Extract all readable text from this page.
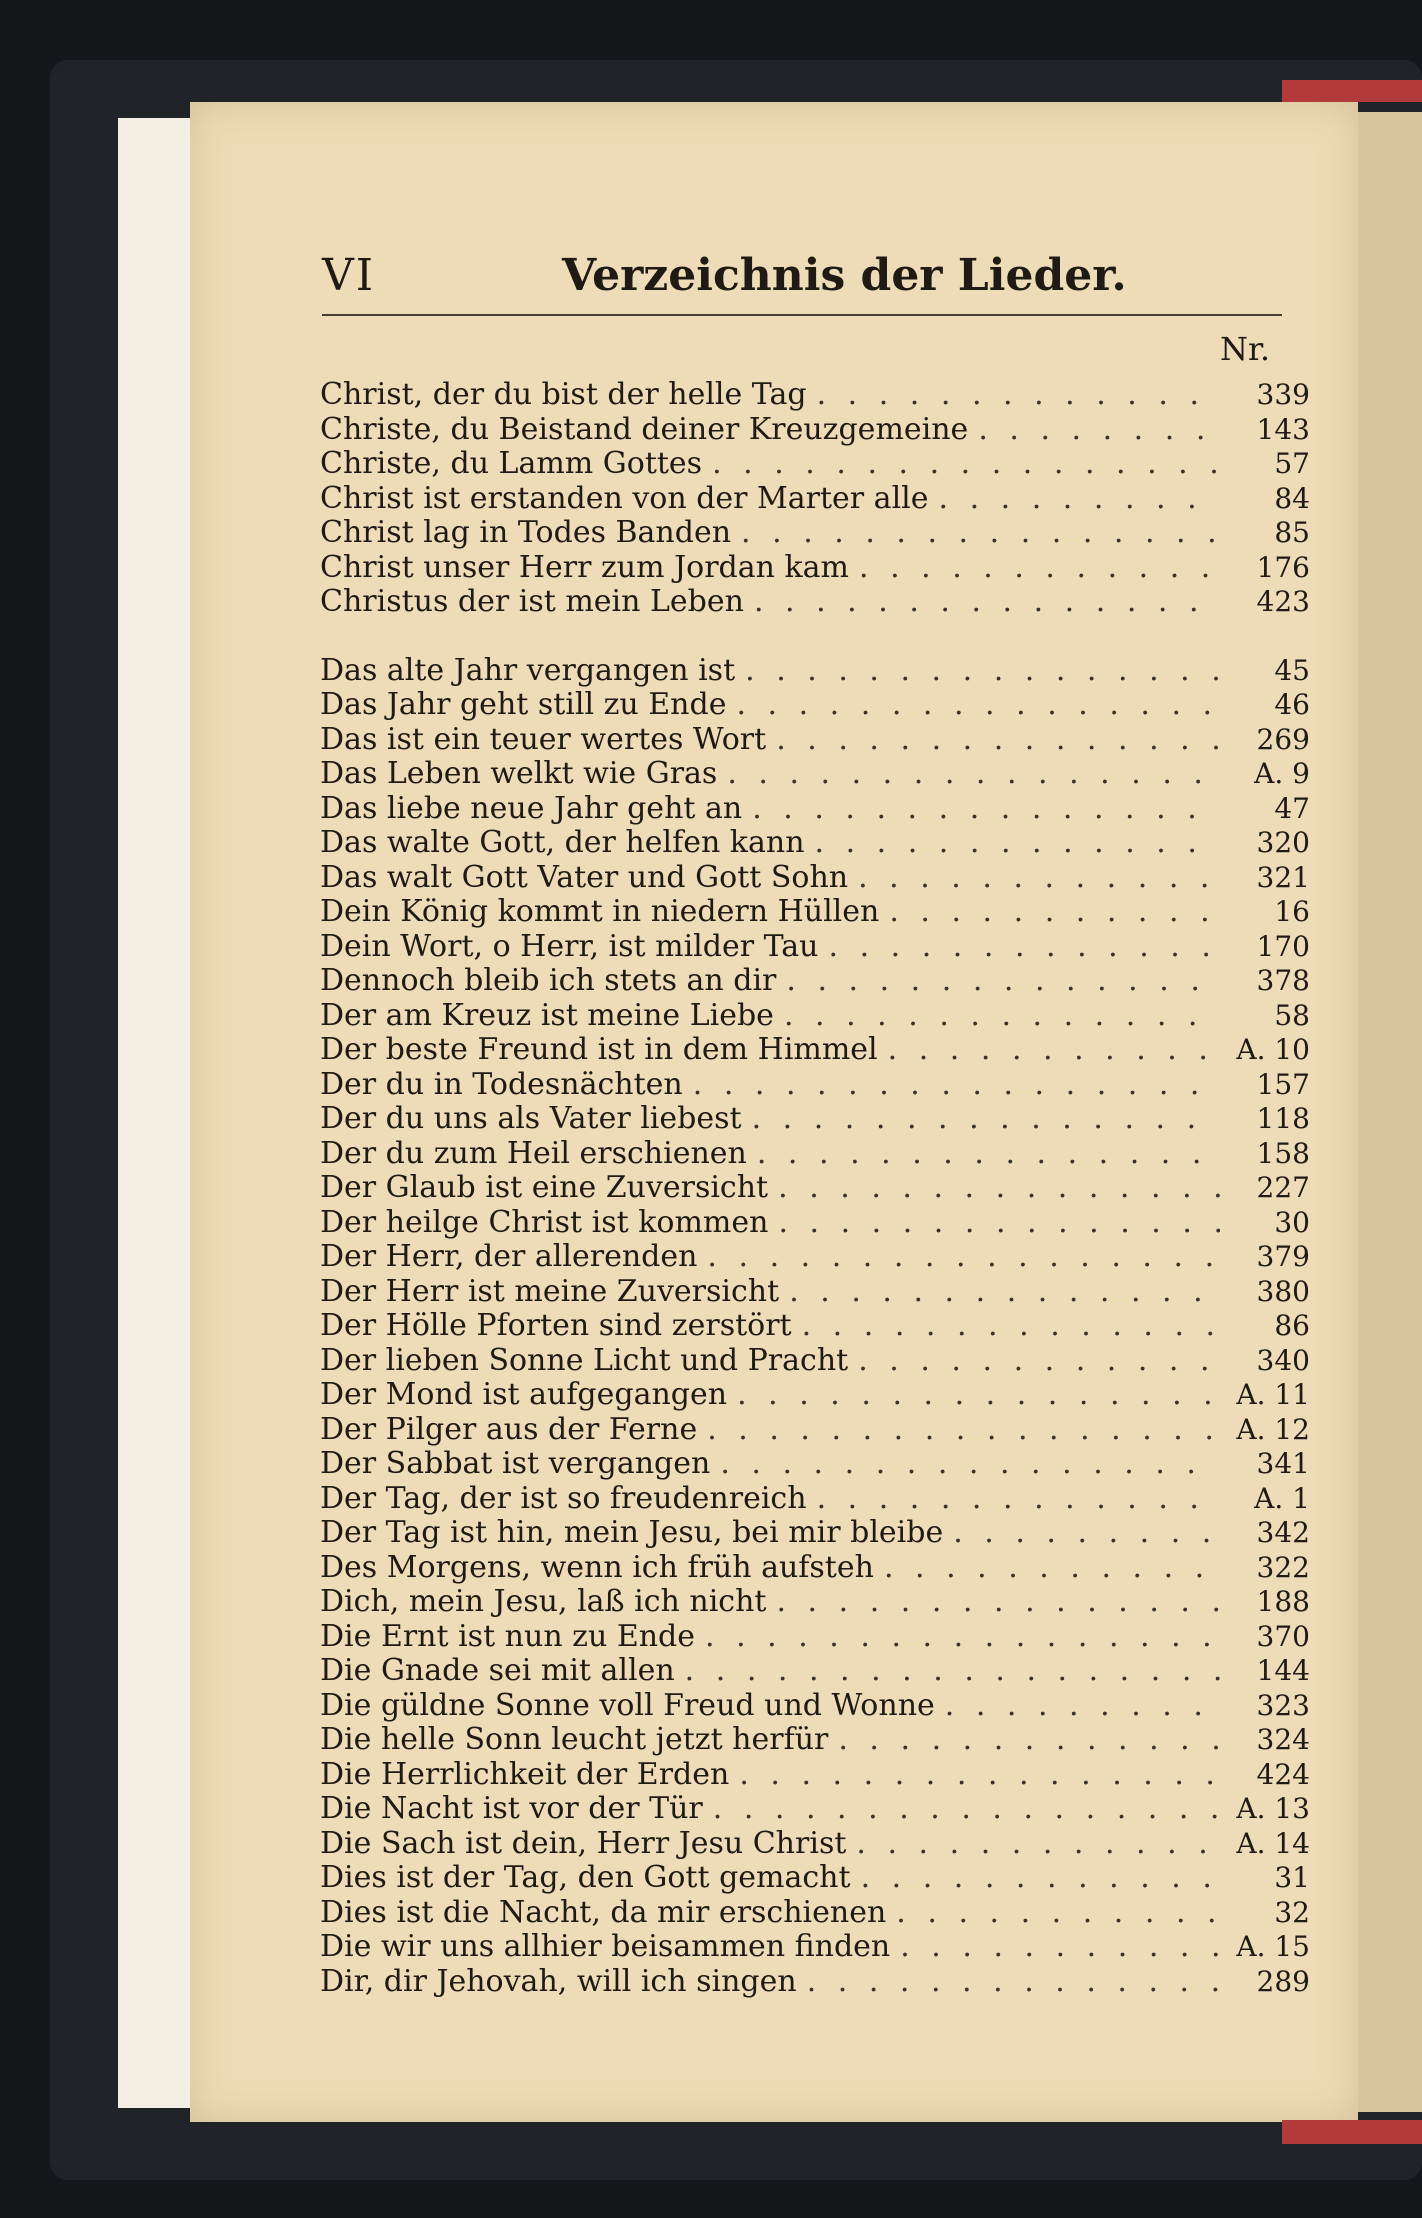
VI	Verzeichnis der Lieder.
Nr.
Christ, der du bist der helle Tag . . .	339
Christe, du Beistand deiner Kreuzgemeine . . .	143
Christe, du Lamm Gottes . . .	57
Christ ist erstanden von der Marter alle . . .	84
Christ lag in Todes Banden . . .	85
Christ unser Herr zum Jordan kam . . .	176
Christus der ist mein Leben . . .	423
Das alte Jahr vergangen ist . . .	45
Das Jahr geht still zu Ende . . .	46
Das ist ein teuer wertes Wort . . .	269
Das Leben welkt wie Gras . . .	A. 9
Das liebe neue Jahr geht an . . .	47
Das walte Gott, der helfen kann . . .	320
Das walt Gott Vater und Gott Sohn . . .	321
Dein König kommt in niedern Hüllen . . .	16
Dein Wort, o Herr, ist milder Tau . . .	170
Dennoch bleib ich stets an dir . . .	378
Der am Kreuz ist meine Liebe . . .	58
Der beste Freund ist in dem Himmel . . .	A. 10
Der du in Todesnächten . . .	157
Der du uns als Vater liebest . . .	118
Der du zum Heil erschienen . . .	158
Der Glaub ist eine Zuversicht . . .	227
Der heilge Christ ist kommen . . .	30
Der Herr, der allerenden . . .	379
Der Herr ist meine Zuversicht . . .	380
Der Hölle Pforten sind zerstört . . .	86
Der lieben Sonne Licht und Pracht . . .	340
Der Mond ist aufgegangen . . .	A. 11
Der Pilger aus der Ferne . . .	A. 12
Der Sabbat ist vergangen . . .	341
Der Tag, der ist so freudenreich . . .	A. 1
Der Tag ist hin, mein Jesu, bei mir bleibe . . .	342
Des Morgens, wenn ich früh aufsteh . . .	322
Dich, mein Jesu, laß ich nicht . . .	188
Die Ernt ist nun zu Ende . . .	370
Die Gnade sei mit allen . . .	144
Die güldne Sonne voll Freud und Wonne . . .	323
Die helle Sonn leucht jetzt herfür . . .	324
Die Herrlichkeit der Erden . . .	424
Die Nacht ist vor der Tür . . .	A. 13
Die Sach ist dein, Herr Jesu Christ . . .	A. 14
Dies ist der Tag, den Gott gemacht . . .	31
Dies ist die Nacht, da mir erschienen . . .	32
Die wir uns allhier beisammen finden . . .	A. 15
Dir, dir Jehovah, will ich singen . . .	289
